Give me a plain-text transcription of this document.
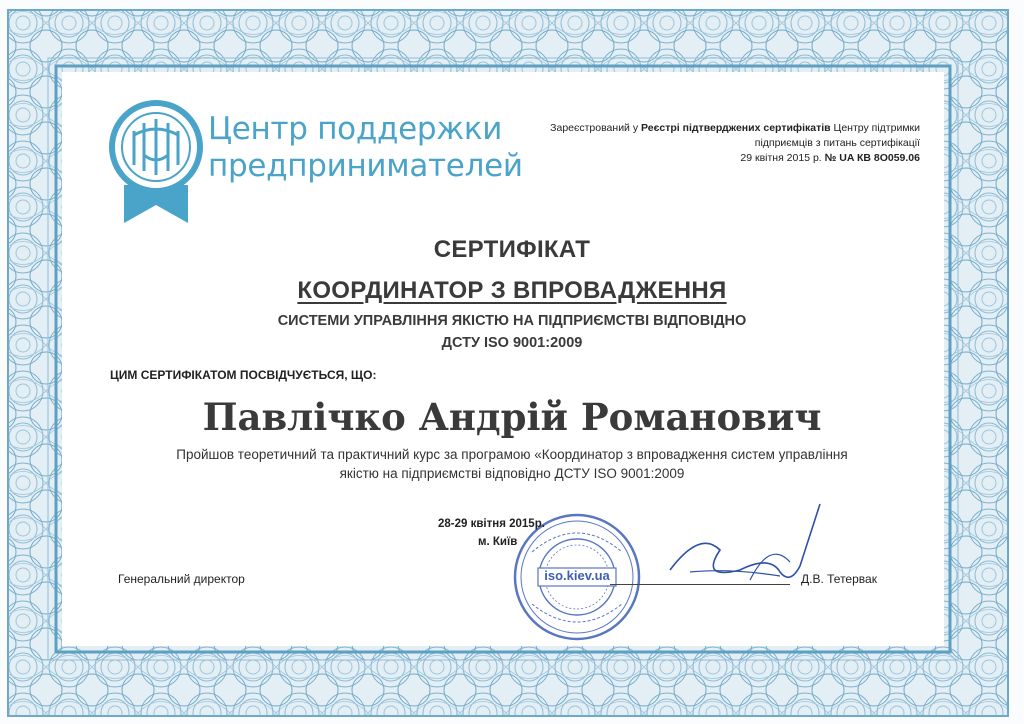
Центр поддержки
предпринимателей
Зареєстрований у Реєстрі підтверджених сертифікатів Центру підтримки
підприємців з питань сертифікації
29 квітня 2015 р. № UA КВ 8О059.06
СЕРТИФІКАТ
КООРДИНАТОР З ВПРОВАДЖЕННЯ
СИСТЕМИ УПРАВЛІННЯ ЯКІСТЮ НА ПІДПРИЄМСТВІ ВІДПОВІДНО
ДСТУ ISO 9001:2009
ЦИМ СЕРТИФІКАТОМ ПОСВІДЧУЄТЬСЯ, ЩО:
Павлічко Андрій Романович
Пройшов теоретичний та практичний курс за програмою «Координатор з впровадження систем управління
якістю на підприємстві відповідно ДСТУ ISO 9001:2009
iso.kiev.ua
28-29 квітня 2015р.
м. Київ
Генеральний директор	Д.В. Тетервак
